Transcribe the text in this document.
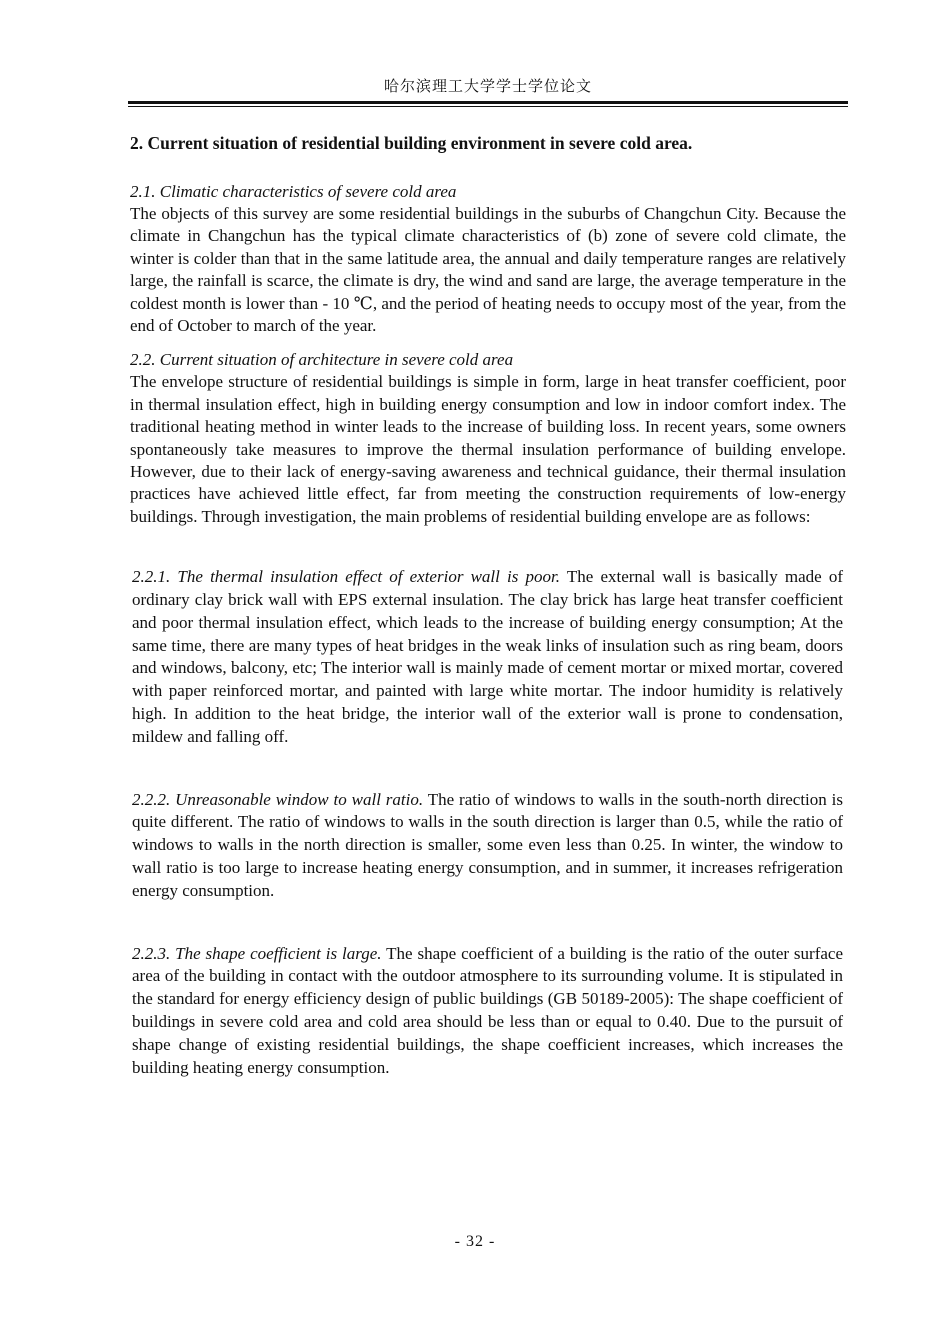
哈尔滨理工大学学士学位论文
2. Current situation of residential building environment in severe cold area.

2.1. Climatic characteristics of severe cold area

The objects of this survey are some residential buildings in the suburbs of Changchun City. Because the climate in Changchun has the typical climate characteristics of (b) zone of severe cold climate, the winter is colder than that in the same latitude area, the annual and daily temperature ranges are relatively large, the rainfall is scarce, the climate is dry, the wind and sand are large, the average temperature in the coldest month is lower than - 10 ℃, and the period of heating needs to occupy most of the year, from the end of October to march of the year.

2.2. Current situation of architecture in severe cold area

The envelope structure of residential buildings is simple in form, large in heat transfer coefficient, poor in thermal insulation effect, high in building energy consumption and low in indoor comfort index. The traditional heating method in winter leads to the increase of building loss. In recent years, some owners spontaneously take measures to improve the thermal insulation performance of building envelope. However, due to their lack of energy-saving awareness and technical guidance, their thermal insulation practices have achieved little effect, far from meeting the construction requirements of low-energy buildings. Through investigation, the main problems of residential building envelope are as follows:

2.2.1. The thermal insulation effect of exterior wall is poor. The external wall is basically made of ordinary clay brick wall with EPS external insulation. The clay brick has large heat transfer coefficient and poor thermal insulation effect, which leads to the increase of building energy consumption; At the same time, there are many types of heat bridges in the weak links of insulation such as ring beam, doors and windows, balcony, etc; The interior wall is mainly made of cement mortar or mixed mortar, covered with paper reinforced mortar, and painted with large white mortar. The indoor humidity is relatively high. In addition to the heat bridge, the interior wall of the exterior wall is prone to condensation, mildew and falling off.

2.2.2. Unreasonable window to wall ratio. The ratio of windows to walls in the south-north direction is quite different. The ratio of windows to walls in the south direction is larger than 0.5, while the ratio of windows to walls in the north direction is smaller, some even less than 0.25. In winter, the window to wall ratio is too large to increase heating energy consumption, and in summer, it increases refrigeration energy consumption.

2.2.3. The shape coefficient is large. The shape coefficient of a building is the ratio of the outer surface area of the building in contact with the outdoor atmosphere to its surrounding volume. It is stipulated in the standard for energy efficiency design of public buildings (GB 50189-2005): The shape coefficient of buildings in severe cold area and cold area should be less than or equal to 0.40. Due to the pursuit of shape change of existing residential buildings, the shape coefficient increases, which increases the building heating energy consumption.

- 32 -
